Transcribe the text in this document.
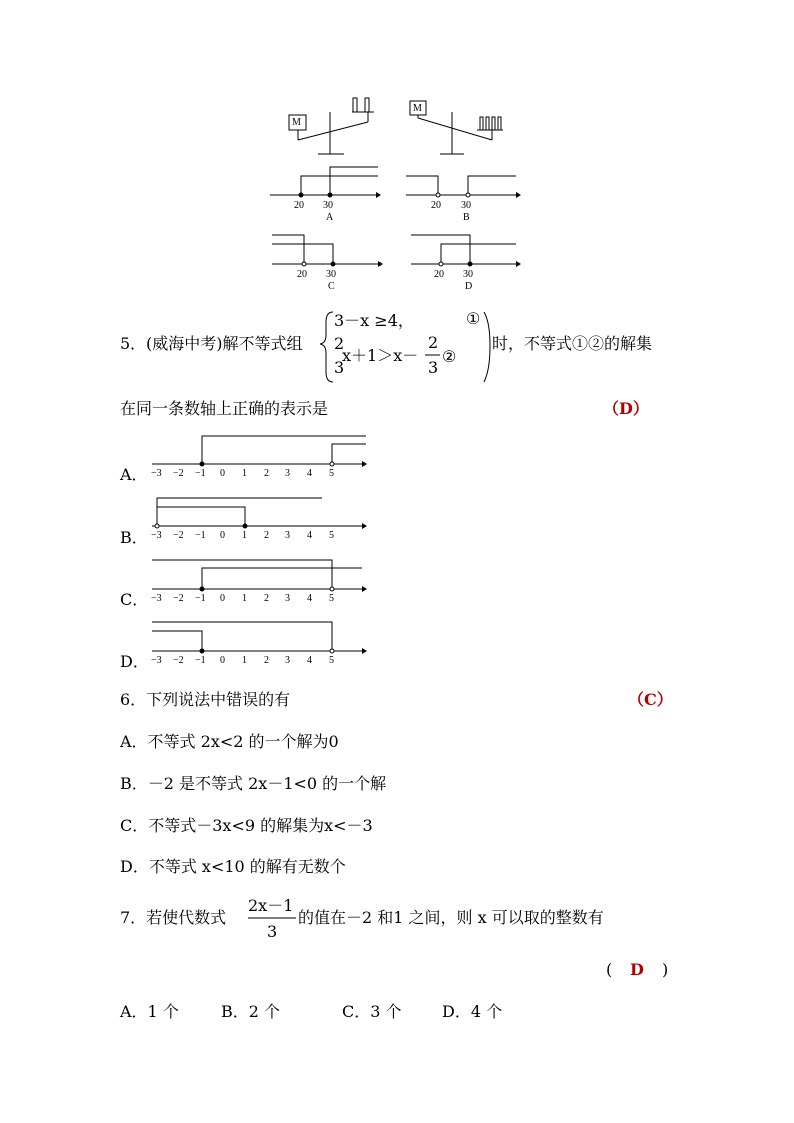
M
M
20 30
A
20 30
B
20 30
C
20 30
D
5 ．(威海中考)解不等式组
3－x ≥4，	①
2
3
x＋1＞x－
2
3
②
时，不等式①②的解集
在同一条数轴上正确的表示是	（D）
A．
B．
C．
D．
−3 −2 −1 0 1 2 3 4 5
−3 −2 −1 0 1 2 3 4 5
−3 −2 −1 0 1 2 3 4 5
−3 −2 −1 0 1 2 3 4 5
6．下列说法中错误的有	（C）
A．不等式 2x<2 的一个解为0
B．－2 是不等式 2x－1<0 的一个解
C．不等式－3x<9 的解集为x<－3
D．不等式 x<10 的解有无数个
7．若使代数式
2x－1
3
的值在－2 和1 之间，则 x 可以取的整数有
( D )
A．1 个	B．2 个	C．3 个	D．4 个
